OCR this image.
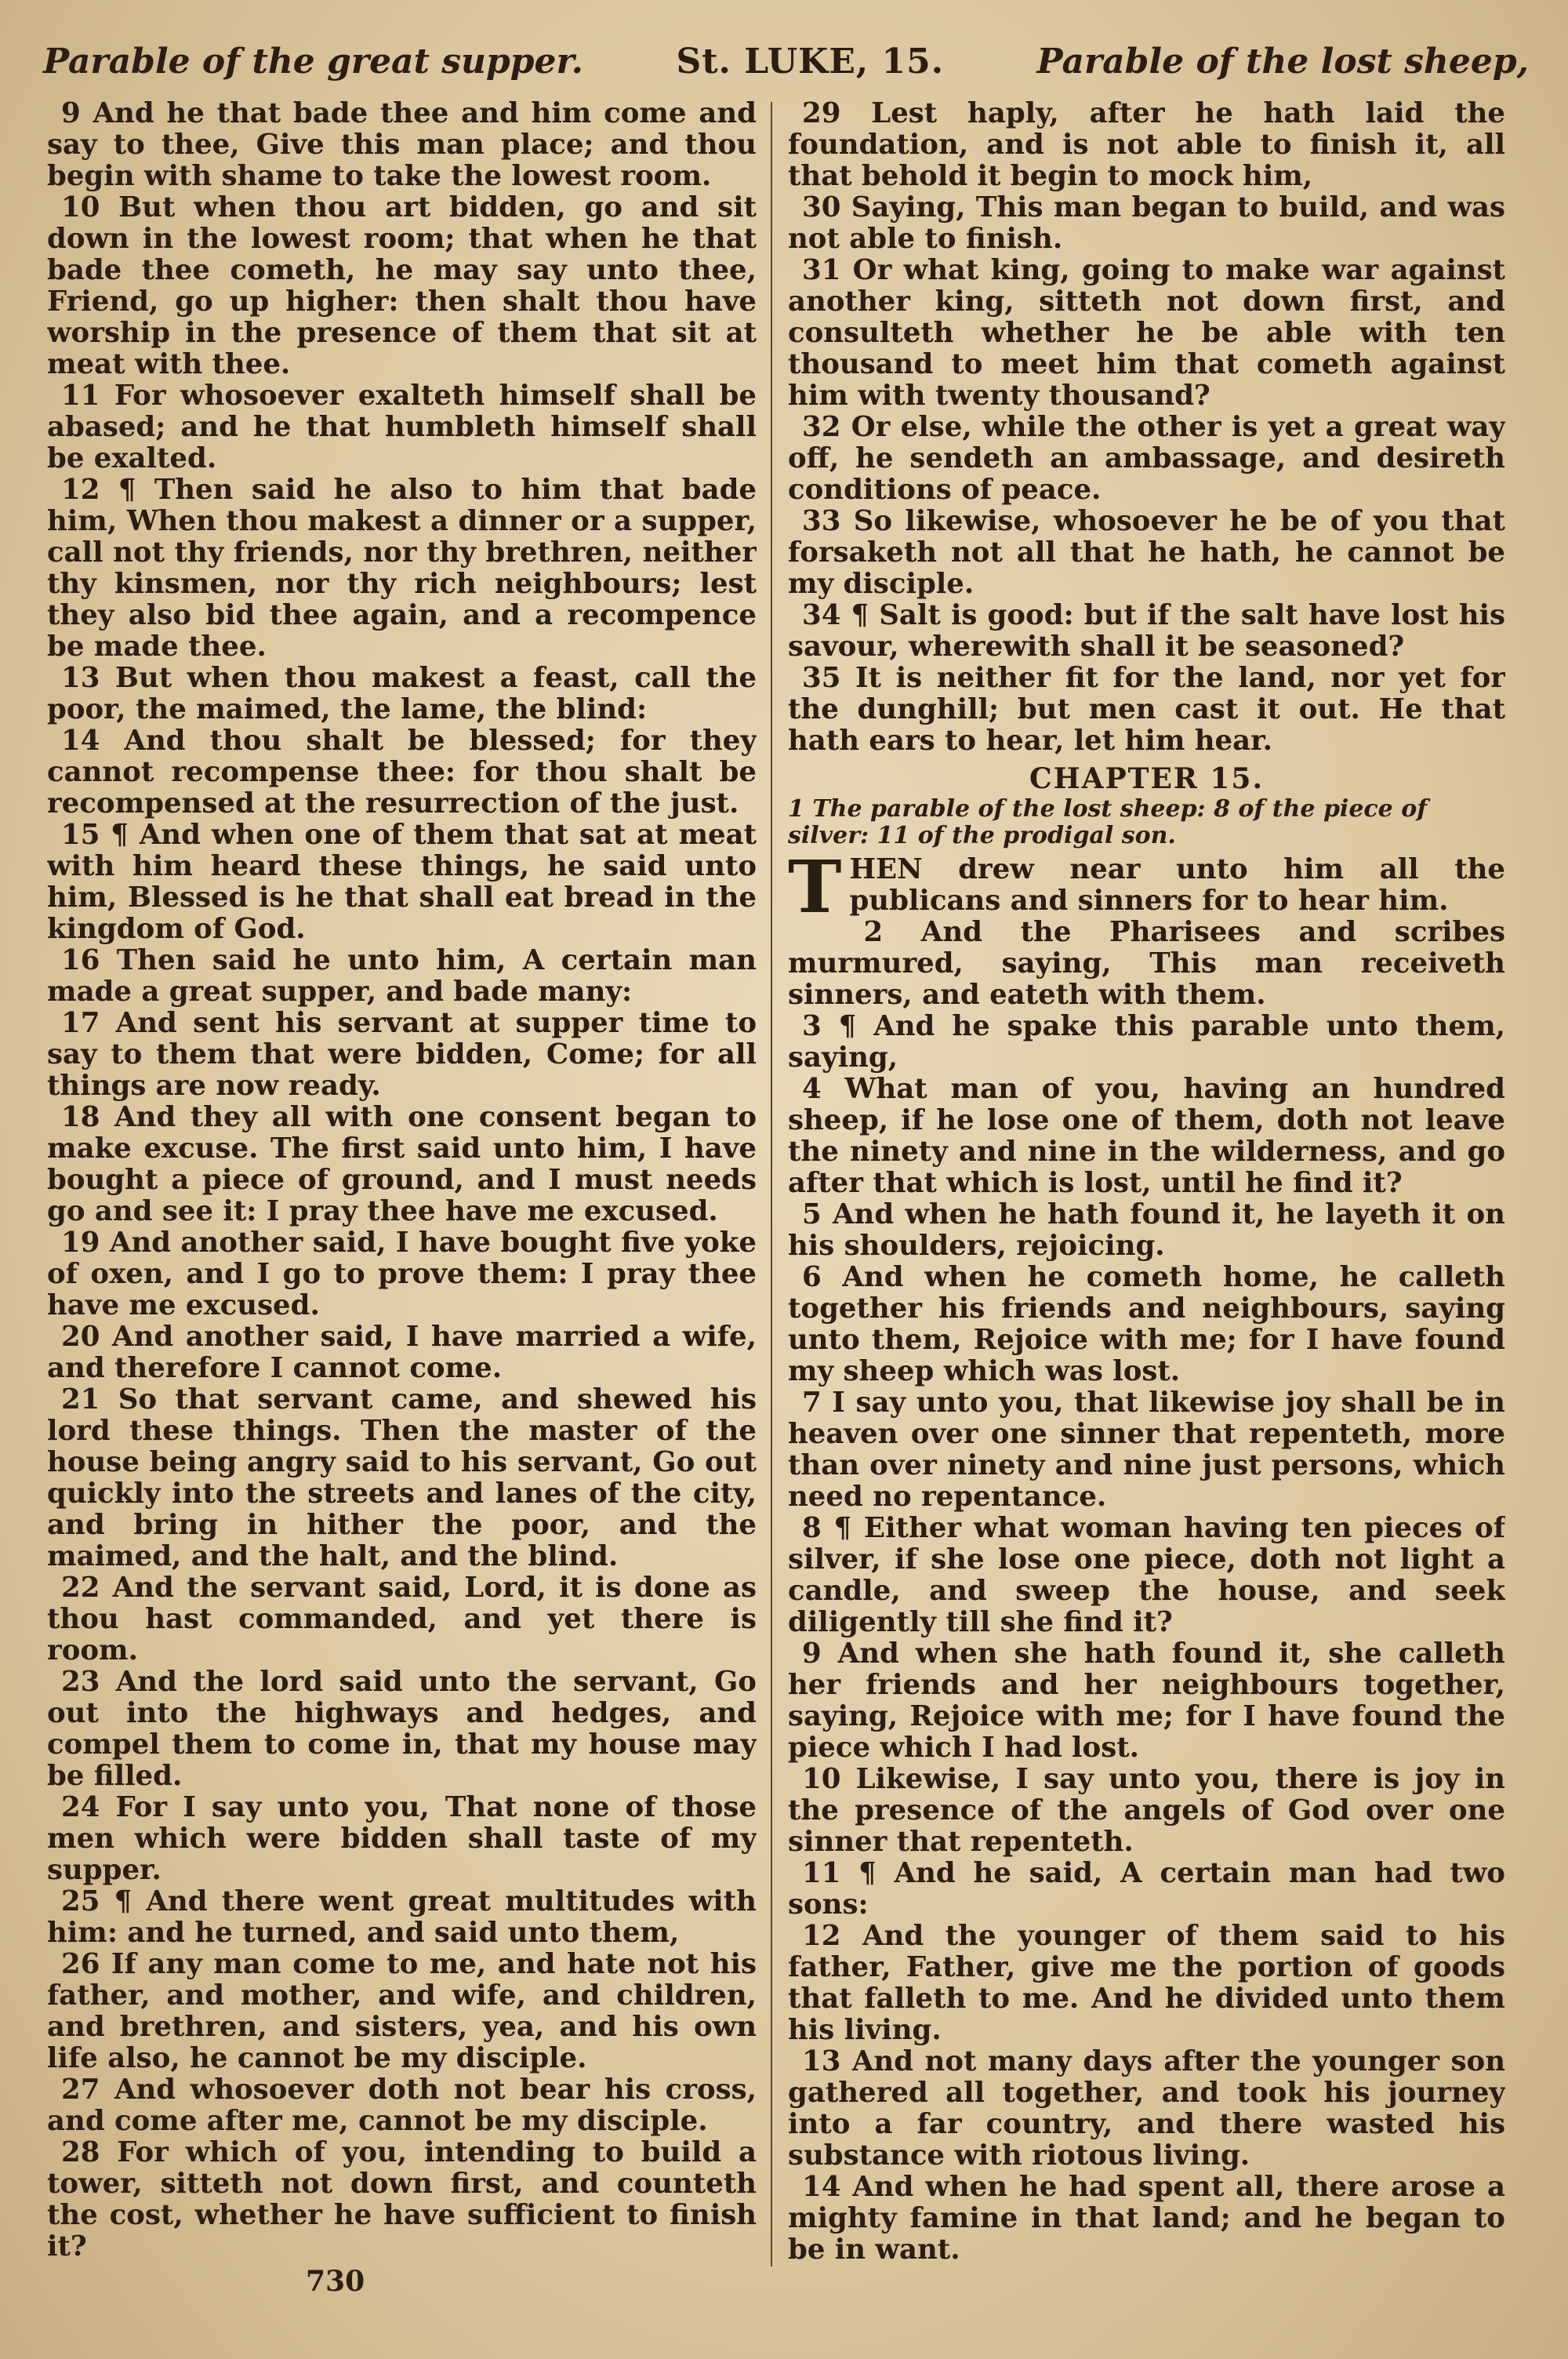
Parable of the great supper.	St. LUKE, 15.	Parable of the lost sheep,

9 And he that bade thee and him come and say to thee, Give this man place; and thou begin with shame to take the lowest room.

10 But when thou art bidden, go and sit down in the lowest room; that when he that bade thee cometh, he may say unto thee, Friend, go up higher: then shalt thou have worship in the presence of them that sit at meat with thee.

11 For whosoever exalteth himself shall be abased; and he that humbleth himself shall be exalted.

12 ¶ Then said he also to him that bade him, When thou makest a dinner or a supper, call not thy friends, nor thy brethren, neither thy kinsmen, nor thy rich neighbours; lest they also bid thee again, and a recompence be made thee.

13 But when thou makest a feast, call the poor, the maimed, the lame, the blind:

14 And thou shalt be blessed; for they cannot recompense thee: for thou shalt be recompensed at the resurrection of the just.

15 ¶ And when one of them that sat at meat with him heard these things, he said unto him, Blessed is he that shall eat bread in the kingdom of God.

16 Then said he unto him, A certain man made a great supper, and bade many:

17 And sent his servant at supper time to say to them that were bidden, Come; for all things are now ready.

18 And they all with one consent began to make excuse. The first said unto him, I have bought a piece of ground, and I must needs go and see it: I pray thee have me excused.

19 And another said, I have bought five yoke of oxen, and I go to prove them: I pray thee have me excused.

20 And another said, I have married a wife, and therefore I cannot come.

21 So that servant came, and shewed his lord these things. Then the master of the house being angry said to his servant, Go out quickly into the streets and lanes of the city, and bring in hither the poor, and the maimed, and the halt, and the blind.

22 And the servant said, Lord, it is done as thou hast commanded, and yet there is room.

23 And the lord said unto the servant, Go out into the highways and hedges, and compel them to come in, that my house may be filled.

24 For I say unto you, That none of those men which were bidden shall taste of my supper.

25 ¶ And there went great multitudes with him: and he turned, and said unto them,

26 If any man come to me, and hate not his father, and mother, and wife, and children, and brethren, and sisters, yea, and his own life also, he cannot be my disciple.

27 And whosoever doth not bear his cross, and come after me, cannot be my disciple.

28 For which of you, intending to build a tower, sitteth not down first, and counteth the cost, whether he have sufficient to finish it?

29 Lest haply, after he hath laid the foundation, and is not able to finish it, all that behold it begin to mock him,

30 Saying, This man began to build, and was not able to finish.

31 Or what king, going to make war against another king, sitteth not down first, and consulteth whether he be able with ten thousand to meet him that cometh against him with twenty thousand?

32 Or else, while the other is yet a great way off, he sendeth an ambassage, and desireth conditions of peace.

33 So likewise, whosoever he be of you that forsaketh not all that he hath, he cannot be my disciple.

34 ¶ Salt is good: but if the salt have lost his savour, wherewith shall it be seasoned?

35 It is neither fit for the land, nor yet for the dunghill; but men cast it out. He that hath ears to hear, let him hear.

CHAPTER 15.

1 The parable of the lost sheep: 8 of the piece of silver: 11 of the prodigal son.

THEN drew near unto him all the publicans and sinners for to hear him.

2 And the Pharisees and scribes murmured, saying, This man receiveth sinners, and eateth with them.

3 ¶ And he spake this parable unto them, saying,

4 What man of you, having an hundred sheep, if he lose one of them, doth not leave the ninety and nine in the wilderness, and go after that which is lost, until he find it?

5 And when he hath found it, he layeth it on his shoulders, rejoicing.

6 And when he cometh home, he calleth together his friends and neighbours, saying unto them, Rejoice with me; for I have found my sheep which was lost.

7 I say unto you, that likewise joy shall be in heaven over one sinner that repenteth, more than over ninety and nine just persons, which need no repentance.

8 ¶ Either what woman having ten pieces of silver, if she lose one piece, doth not light a candle, and sweep the house, and seek diligently till she find it?

9 And when she hath found it, she calleth her friends and her neighbours together, saying, Rejoice with me; for I have found the piece which I had lost.

10 Likewise, I say unto you, there is joy in the presence of the angels of God over one sinner that repenteth.

11 ¶ And he said, A certain man had two sons:

12 And the younger of them said to his father, Father, give me the portion of goods that falleth to me. And he divided unto them his living.

13 And not many days after the younger son gathered all together, and took his journey into a far country, and there wasted his substance with riotous living.

14 And when he had spent all, there arose a mighty famine in that land; and he began to be in want.

730
